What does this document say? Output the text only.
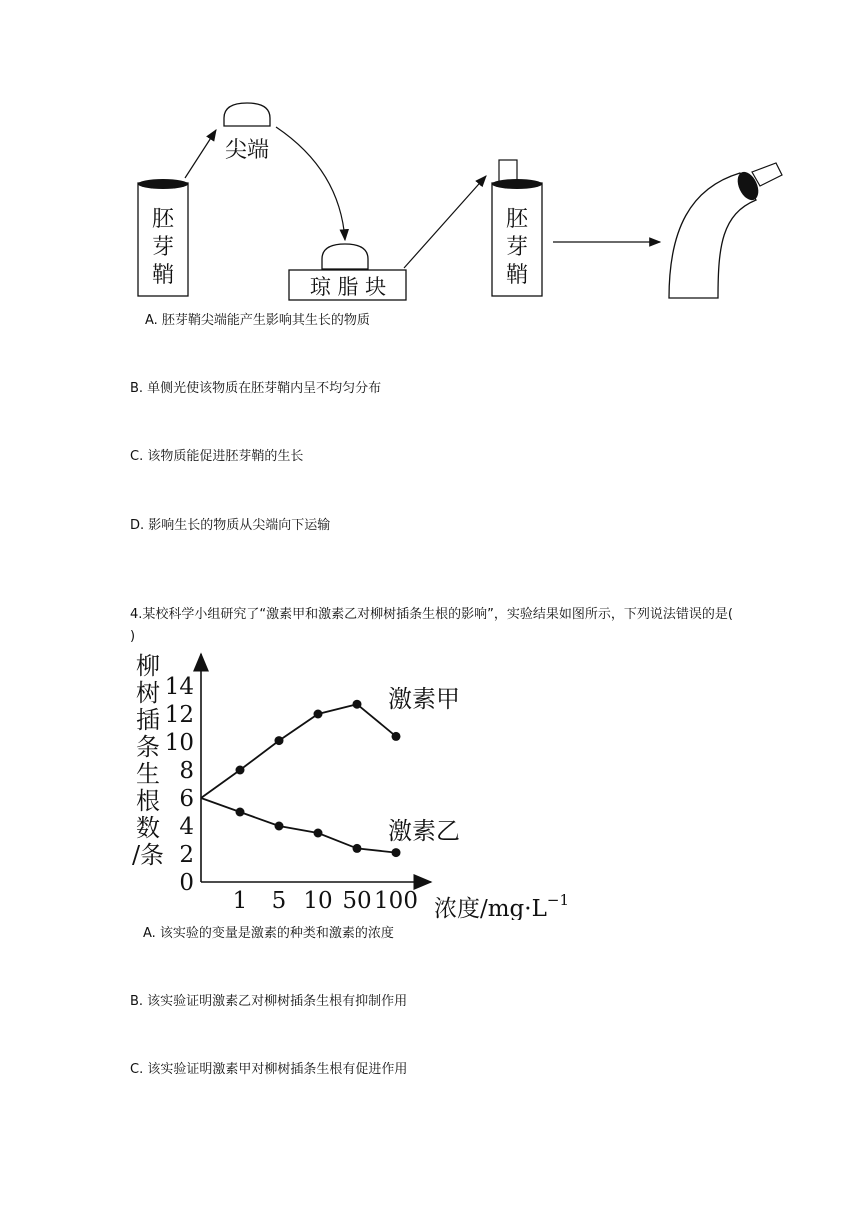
胚
芽
鞘
尖端
琼 脂 块
胚
芽
鞘
A. 胚芽鞘尖端能产生影响其生长的物质
B. 单侧光使该物质在胚芽鞘内呈不均匀分布
C. 该物质能促进胚芽鞘的生长
D. 影响生长的物质从尖端向下运输
4.某校科学小组研究了“激素甲和激素乙对柳树插条生根的影响”，实验结果如图所示，下列说法错误的是( )
柳
树
插
条
生
根
数
/条
0
2
4
6
8
10
12
14
1 5 10 50 100
激素甲
激素乙
浓度$/mg\cdot L^{-1}$
A. 该实验的变量是激素的种类和激素的浓度
B. 该实验证明激素乙对柳树插条生根有抑制作用
C. 该实验证明激素甲对柳树插条生根有促进作用
